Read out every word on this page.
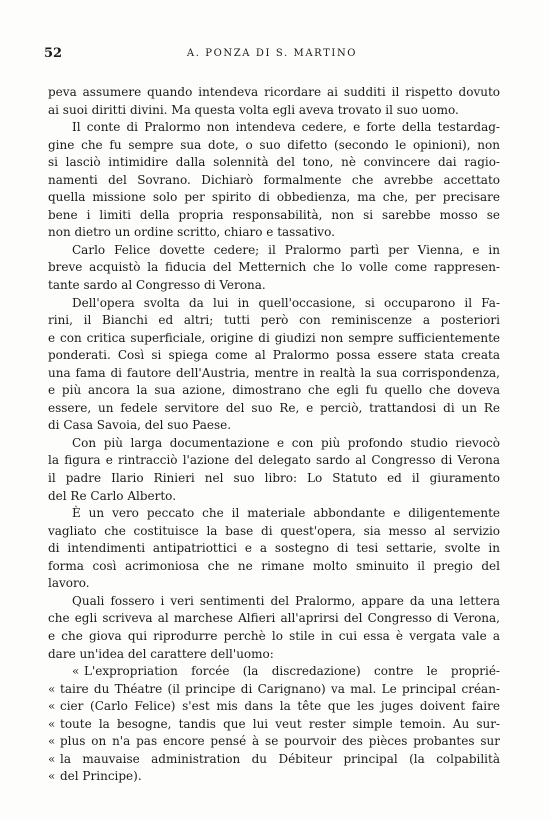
52	A. PONZA DI S. MARTINO
peva assumere quando intendeva ricordare ai sudditi il rispetto dovuto
ai suoi diritti divini. Ma questa volta egli aveva trovato il suo uomo.
Il conte di Pralormo non intendeva cedere, e forte della testardag-
gine che fu sempre sua dote, o suo difetto (secondo le opinioni), non
si lasciò intimidire dalla solennità del tono, nè convincere dai ragio-
namenti del Sovrano. Dichiarò formalmente che avrebbe accettato
quella missione solo per spirito di obbedienza, ma che, per precisare
bene i limiti della propria responsabilità, non si sarebbe mosso se
non dietro un ordine scritto, chiaro e tassativo.
Carlo Felice dovette cedere; il Pralormo partì per Vienna, e in
breve acquistò la fiducia del Metternich che lo volle come rappresen-
tante sardo al Congresso di Verona.
Dell'opera svolta da lui in quell'occasione, si occuparono il Fa-
rini, il Bianchi ed altri; tutti però con reminiscenze a posteriori
e con critica superficiale, origine di giudizi non sempre sufficientemente
ponderati. Così si spiega come al Pralormo possa essere stata creata
una fama di fautore dell'Austria, mentre in realtà la sua corrispondenza,
e più ancora la sua azione, dimostrano che egli fu quello che doveva
essere, un fedele servitore del suo Re, e perciò, trattandosi di un Re
di Casa Savoia, del suo Paese.
Con più larga documentazione e con più profondo studio rievocò
la figura e rintracciò l'azione del delegato sardo al Congresso di Verona
il padre Ilario Rinieri nel suo libro: Lo Statuto ed il giuramento
del Re Carlo Alberto.
È un vero peccato che il materiale abbondante e diligentemente
vagliato che costituisce la base di quest'opera, sia messo al servizio
di intendimenti antipatriottici e a sostegno di tesi settarie, svolte in
forma così acrimoniosa che ne rimane molto sminuito il pregio del
lavoro.
Quali fossero i veri sentimenti del Pralormo, appare da una lettera
che egli scriveva al marchese Alfieri all'aprirsi del Congresso di Verona,
e che giova qui riprodurre perchè lo stile in cui essa è vergata vale a
dare un'idea del carattere dell'uomo:
« L'expropriation forcée (la discredazione) contre le proprié-
« taire du Théatre (il principe di Carignano) va mal. Le principal créan-
« cier (Carlo Felice) s'est mis dans la tête que les juges doivent faire
« toute la besogne, tandis que lui veut rester simple temoin. Au sur-
« plus on n'a pas encore pensé à se pourvoir des pièces probantes sur
« la mauvaise administration du Débiteur principal (la colpabilità
« del Principe).
